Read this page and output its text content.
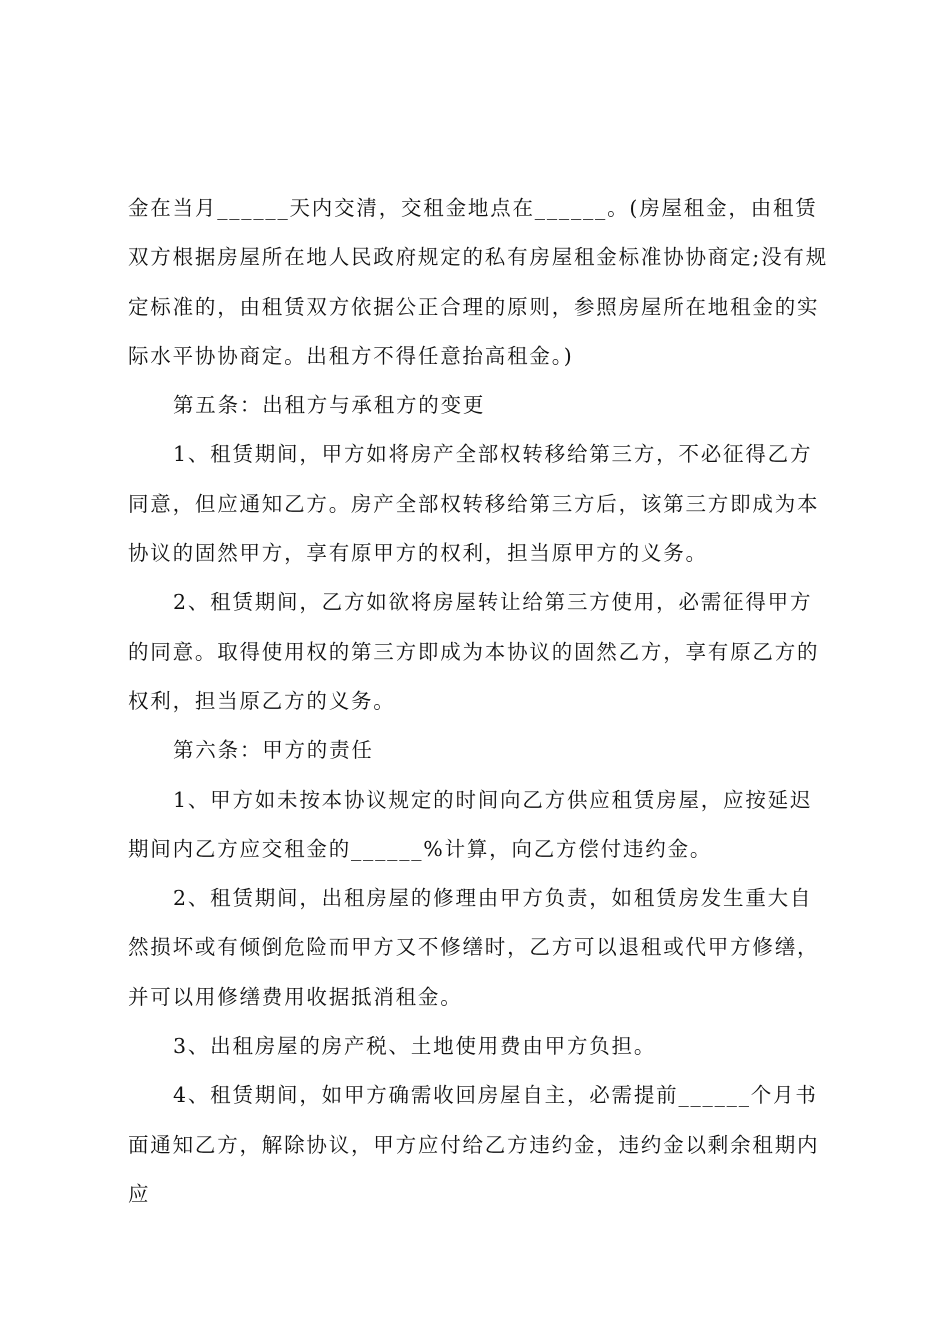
金在当月______天内交清，交租金地点在______。(房屋租金，由租赁双方根据房屋所在地人民政府规定的私有房屋租金标准协协商定;没有规定标准的，由租赁双方依据公正合理的原则，参照房屋所在地租金的实际水平协协商定。出租方不得任意抬高租金。)

第五条：出租方与承租方的变更

1、租赁期间，甲方如将房产全部权转移给第三方，不必征得乙方同意，但应通知乙方。房产全部权转移给第三方后，该第三方即成为本协议的固然甲方，享有原甲方的权利，担当原甲方的义务。

2、租赁期间，乙方如欲将房屋转让给第三方使用，必需征得甲方的同意。取得使用权的第三方即成为本协议的固然乙方，享有原乙方的权利，担当原乙方的义务。

第六条：甲方的责任

1、甲方如未按本协议规定的时间向乙方供应租赁房屋，应按延迟期间内乙方应交租金的______%计算，向乙方偿付违约金。

2、租赁期间，出租房屋的修理由甲方负责，如租赁房发生重大自然损坏或有倾倒危险而甲方又不修缮时，乙方可以退租或代甲方修缮，并可以用修缮费用收据抵消租金。

3、出租房屋的房产税、土地使用费由甲方负担。

4、租赁期间，如甲方确需收回房屋自主，必需提前______个月书面通知乙方，解除协议，甲方应付给乙方违约金，违约金以剩余租期内应
